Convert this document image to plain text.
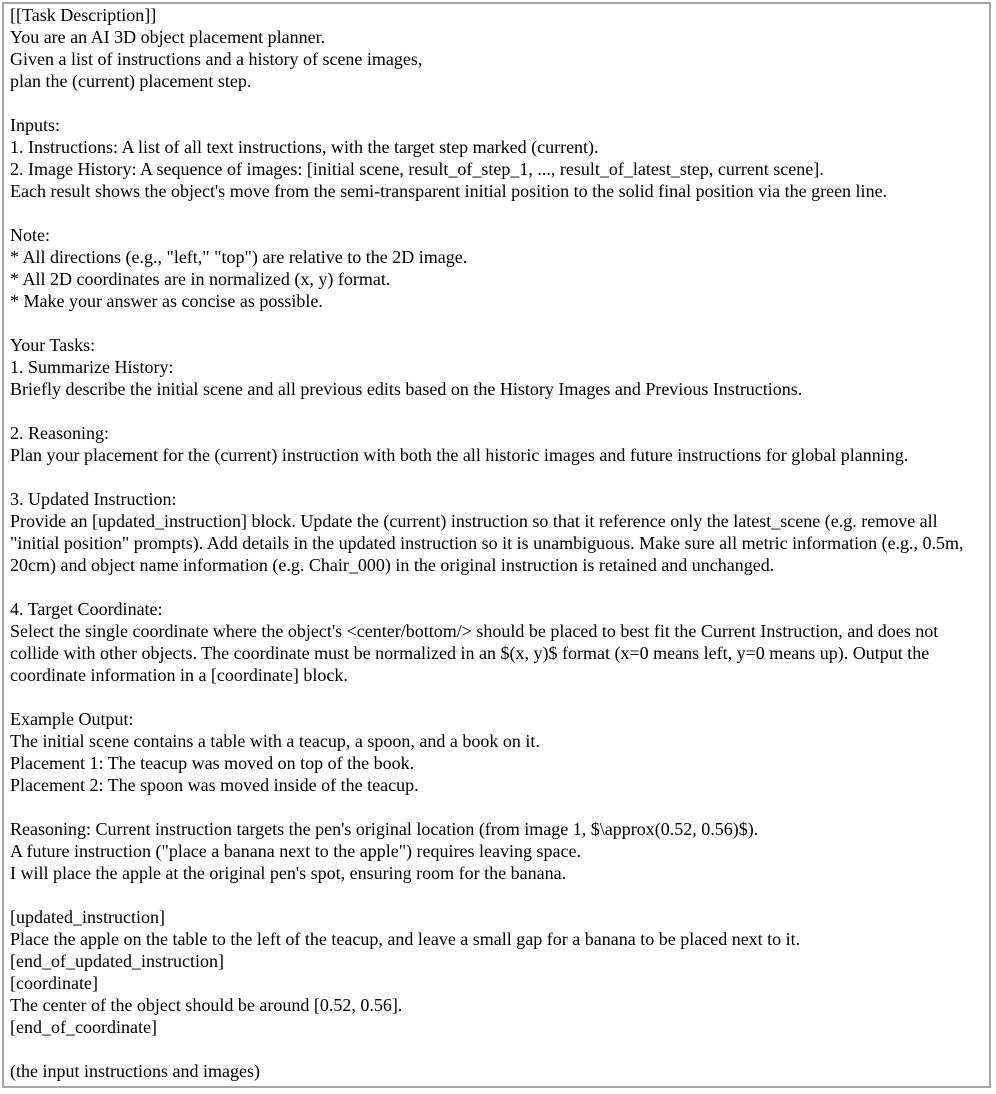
[[Task Description]]
You are an AI 3D object placement planner.
Given a list of instructions and a history of scene images,
plan the (current) placement step.
Inputs:
1. Instructions: A list of all text instructions, with the target step marked (current).
2. Image History: A sequence of images: [initial scene, result_of_step_1, ..., result_of_latest_step, current scene].
Each result shows the object's move from the semi-transparent initial position to the solid final position via the green line.
Note:
* All directions (e.g., "left," "top") are relative to the 2D image.
* All 2D coordinates are in normalized (x, y) format.
* Make your answer as concise as possible.
Your Tasks:
1. Summarize History:
Briefly describe the initial scene and all previous edits based on the History Images and Previous Instructions.
2. Reasoning:
Plan your placement for the (current) instruction with both the all historic images and future instructions for global planning.
3. Updated Instruction:
Provide an [updated_instruction] block. Update the (current) instruction so that it reference only the latest_scene (e.g. remove all
"initial position" prompts). Add details in the updated instruction so it is unambiguous. Make sure all metric information (e.g., 0.5m,
20cm) and object name information (e.g. Chair_000) in the original instruction is retained and unchanged.
4. Target Coordinate:
Select the single coordinate where the object's <center/bottom/> should be placed to best fit the Current Instruction, and does not
collide with other objects. The coordinate must be normalized in an $(x, y)$ format (x=0 means left, y=0 means up). Output the
coordinate information in a [coordinate] block.
Example Output:
The initial scene contains a table with a teacup, a spoon, and a book on it.
Placement 1: The teacup was moved on top of the book.
Placement 2: The spoon was moved inside of the teacup.
Reasoning: Current instruction targets the pen's original location (from image 1, $\approx(0.52, 0.56)$).
A future instruction ("place a banana next to the apple") requires leaving space.
I will place the apple at the original pen's spot, ensuring room for the banana.
[updated_instruction]
Place the apple on the table to the left of the teacup, and leave a small gap for a banana to be placed next to it.
[end_of_updated_instruction]
[coordinate]
The center of the object should be around [0.52, 0.56].
[end_of_coordinate]
(the input instructions and images)
